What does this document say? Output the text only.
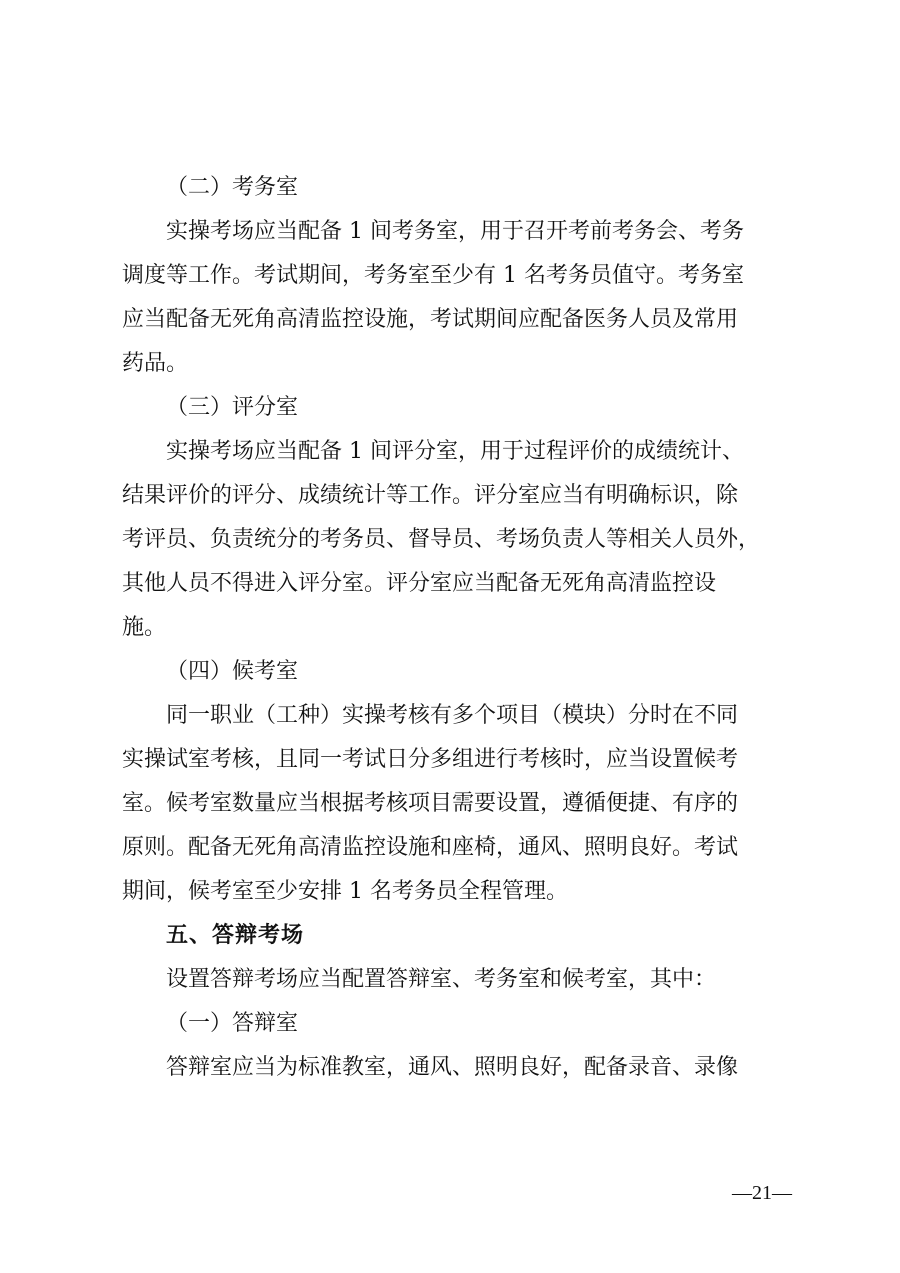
（二）考务室

实操考场应当配备 1 间考务室，用于召开考前考务会、考务
调度等工作。考试期间，考务室至少有 1 名考务员值守。考务室
应当配备无死角高清监控设施，考试期间应配备医务人员及常用
药品。

（三）评分室

实操考场应当配备 1 间评分室，用于过程评价的成绩统计、
结果评价的评分、成绩统计等工作。评分室应当有明确标识，除
考评员、负责统分的考务员、督导员、考场负责人等相关人员外，
其他人员不得进入评分室。评分室应当配备无死角高清监控设
施。

（四）候考室

同一职业（工种）实操考核有多个项目（模块）分时在不同
实操试室考核，且同一考试日分多组进行考核时，应当设置候考
室。候考室数量应当根据考核项目需要设置，遵循便捷、有序的
原则。配备无死角高清监控设施和座椅，通风、照明良好。考试
期间，候考室至少安排 1 名考务员全程管理。

五、答辩考场

设置答辩考场应当配置答辩室、考务室和候考室，其中：

（一）答辩室

答辩室应当为标准教室，通风、照明良好，配备录音、录像

—21—
